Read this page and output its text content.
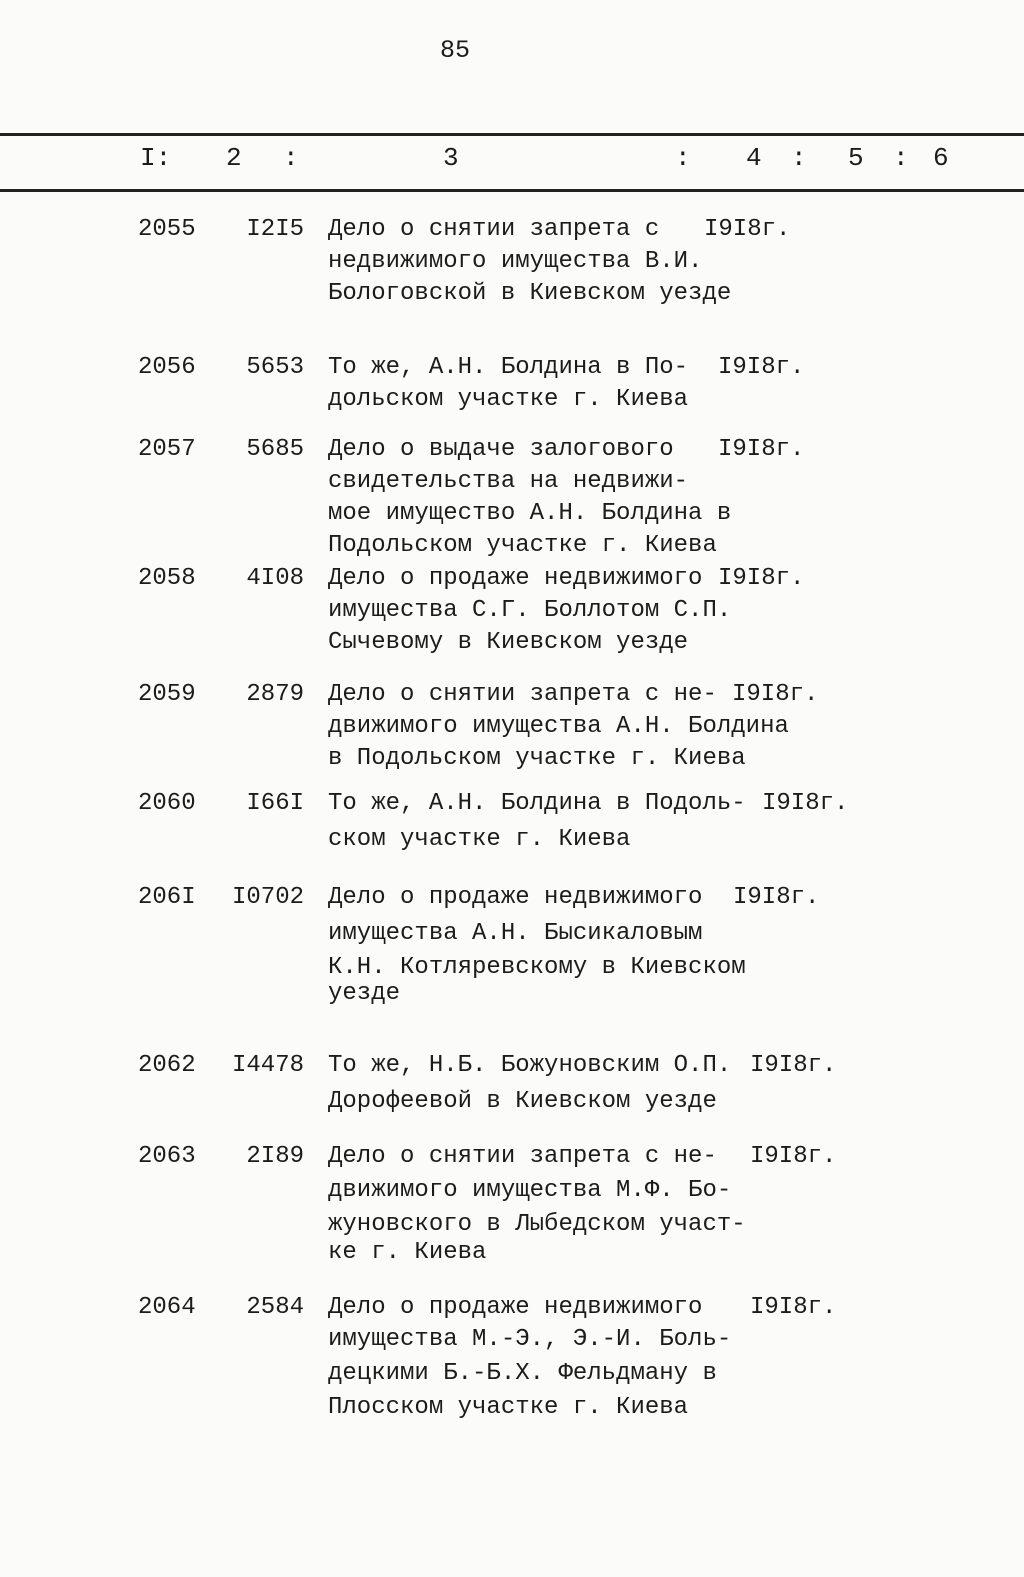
85
I: 2 :	3	: 4 : 5 : 6
2055 I2I5 Дело о снятии запрета с
недвижимого имущества В.И.
Бологовской в Киевском уезде
I9I8г.
2056 5653 То же, А.Н. Болдина в По-
дольском участке г. Киева
I9I8г.
2057 5685 Дело о выдаче залогового
свидетельства на недвижи-
мое имущество А.Н. Болдина в
Подольском участке г. Киева
I9I8г.
2058 4I08 Дело о продаже недвижимого
имущества С.Г. Боллотом С.П.
Сычевому в Киевском уезде
I9I8г.
2059 2879 Дело о снятии запрета с не-
движимого имущества А.Н. Болдина
в Подольском участке г. Киева
I9I8г.
2060 I66I То же, А.Н. Болдина в Подоль-
ском участке г. Киева
I9I8г.
206I I0702 Дело о продаже недвижимого
имущества А.Н. Бысикаловым
К.Н. Котляревскому в Киевском
уезде
I9I8г.
2062 I4478 То же, Н.Б. Божуновским О.П.
Дорофеевой в Киевском уезде
I9I8г.
2063 2I89 Дело о снятии запрета с не-
движимого имущества М.Ф. Бо-
жуновского в Лыбедском участ-
ке г. Киева
I9I8г.
2064 2584 Дело о продаже недвижимого
имущества М.-Э., Э.-И. Боль-
децкими Б.-Б.Х. Фельдману в
Плосском участке г. Киева
I9I8г.
